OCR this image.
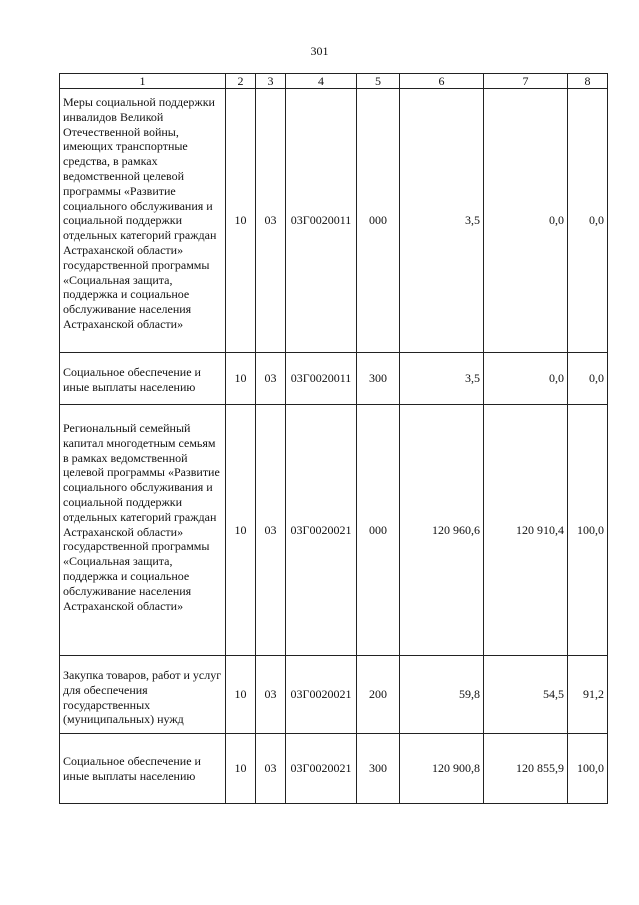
301
1	2	3	4	5	6	7	8
Меры социальной поддержки инвалидов Великой Отечественной войны, имеющих транспортные средства, в рамках ведомственной целевой программы «Развитие социального обслуживания и социальной поддержки отдельных категорий граждан Астраханской области» государственной программы «Социальная защита, поддержка и социальное обслуживание населения Астраханской области»	10	03	03Г0020011	000	3,5	0,0	0,0
Социальное обеспечение и иные выплаты населению	10	03	03Г0020011	300	3,5	0,0	0,0
Региональный семейный капитал многодетным семьям в рамках ведомственной целевой программы «Развитие социального обслуживания и социальной поддержки отдельных категорий граждан Астраханской области» государственной программы «Социальная защита, поддержка и социальное обслуживание населения Астраханской области»	10	03	03Г0020021	000	120 960,6	120 910,4	100,0
Закупка товаров, работ и услуг для обеспечения государственных (муниципальных) нужд	10	03	03Г0020021	200	59,8	54,5	91,2
Социальное обеспечение и иные выплаты населению	10	03	03Г0020021	300	120 900,8	120 855,9	100,0
